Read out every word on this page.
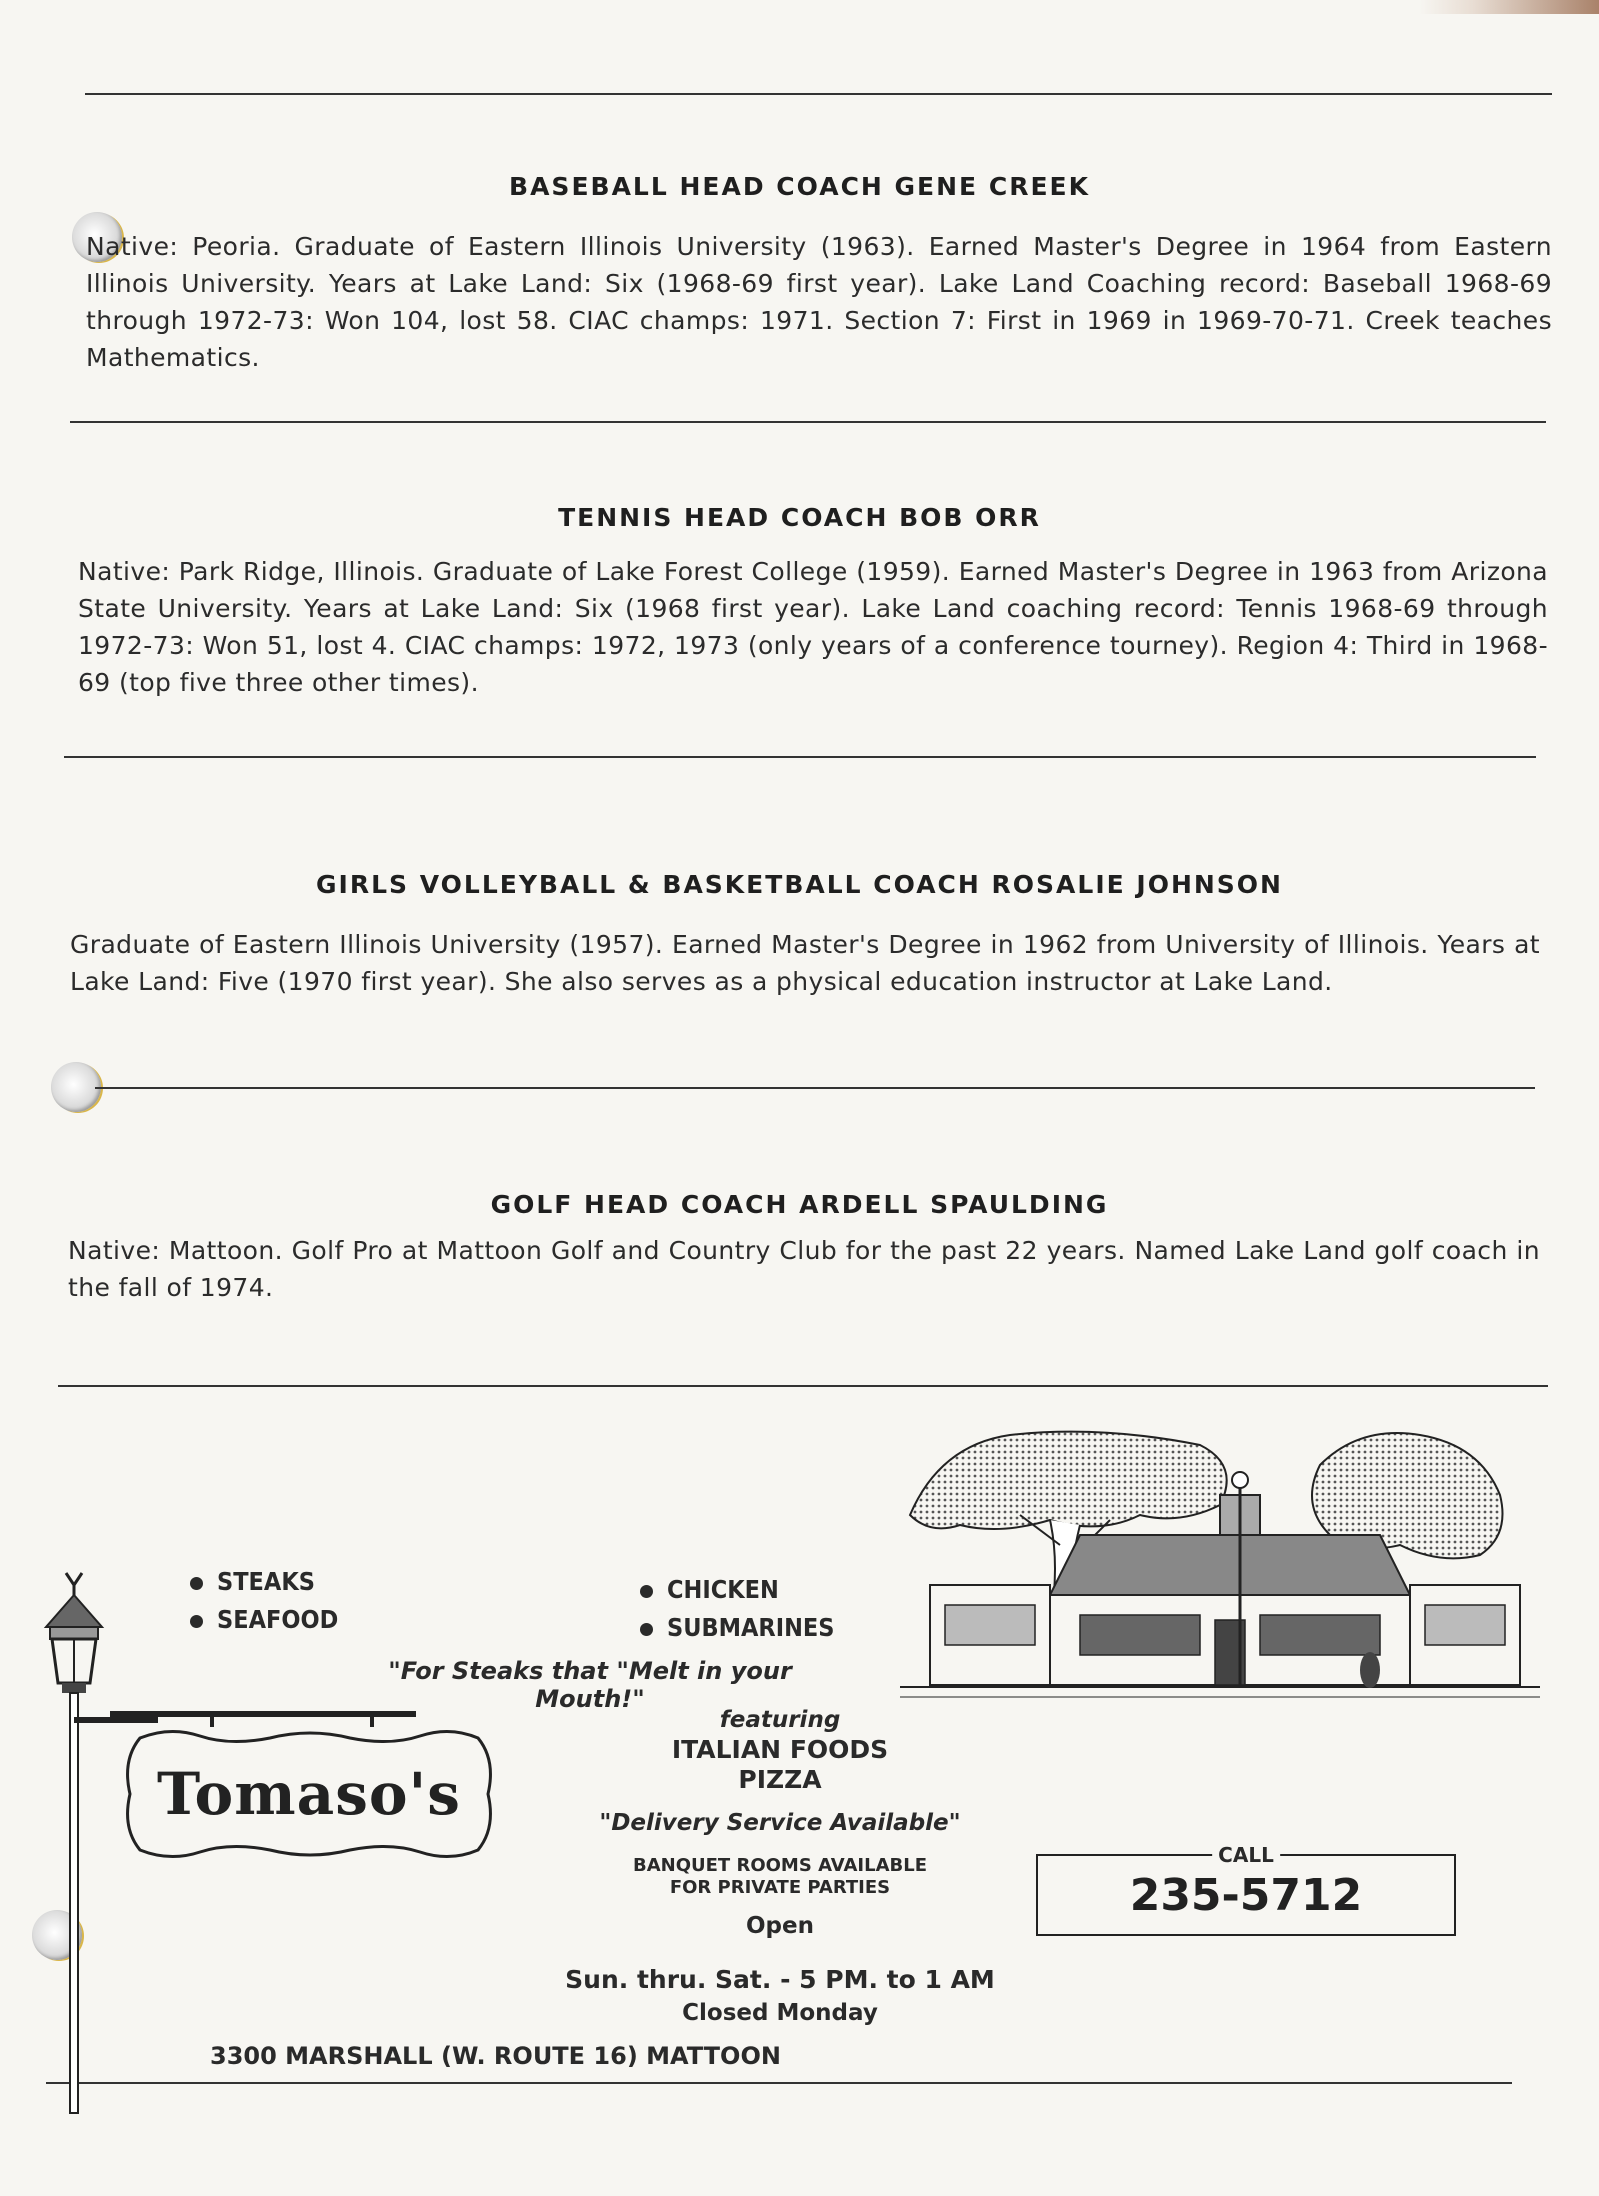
BASEBALL HEAD COACH GENE CREEK
Native: Peoria. Graduate of Eastern Illinois University (1963). Earned Master's Degree in 1964 from Eastern Illinois University. Years at Lake Land: Six (1968-69 first year). Lake Land Coaching record: Baseball 1968-69 through 1972-73: Won 104, lost 58. CIAC champs: 1971. Section 7: First in 1969 in 1969-70-71. Creek teaches Mathematics.
TENNIS HEAD COACH BOB ORR
Native: Park Ridge, Illinois. Graduate of Lake Forest College (1959). Earned Master's Degree in 1963 from Arizona State University. Years at Lake Land: Six (1968 first year). Lake Land coaching record: Tennis 1968-69 through 1972-73: Won 51, lost 4. CIAC champs: 1972, 1973 (only years of a conference tourney). Region 4: Third in 1968-69 (top five three other times).
GIRLS VOLLEYBALL & BASKETBALL COACH ROSALIE JOHNSON
Graduate of Eastern Illinois University (1957). Earned Master's Degree in 1962 from University of Illinois. Years at Lake Land: Five (1970 first year). She also serves as a physical education instructor at Lake Land.
GOLF HEAD COACH ARDELL SPAULDING
Native: Mattoon. Golf Pro at Mattoon Golf and Country Club for the past 22 years. Named Lake Land golf coach in the fall of 1974.
Tomaso's
STEAKS
SEAFOOD
CHICKEN
SUBMARINES
"For Steaks that "Melt in your Mouth!"
featuring
ITALIAN FOODS
PIZZA
"Delivery Service Available"
BANQUET ROOMS AVAILABLE
FOR PRIVATE PARTIES
Open
Sun. thru. Sat. - 5 PM. to 1 AM
Closed Monday
3300 MARSHALL (W. ROUTE 16) MATTOON
CALL
235-5712
